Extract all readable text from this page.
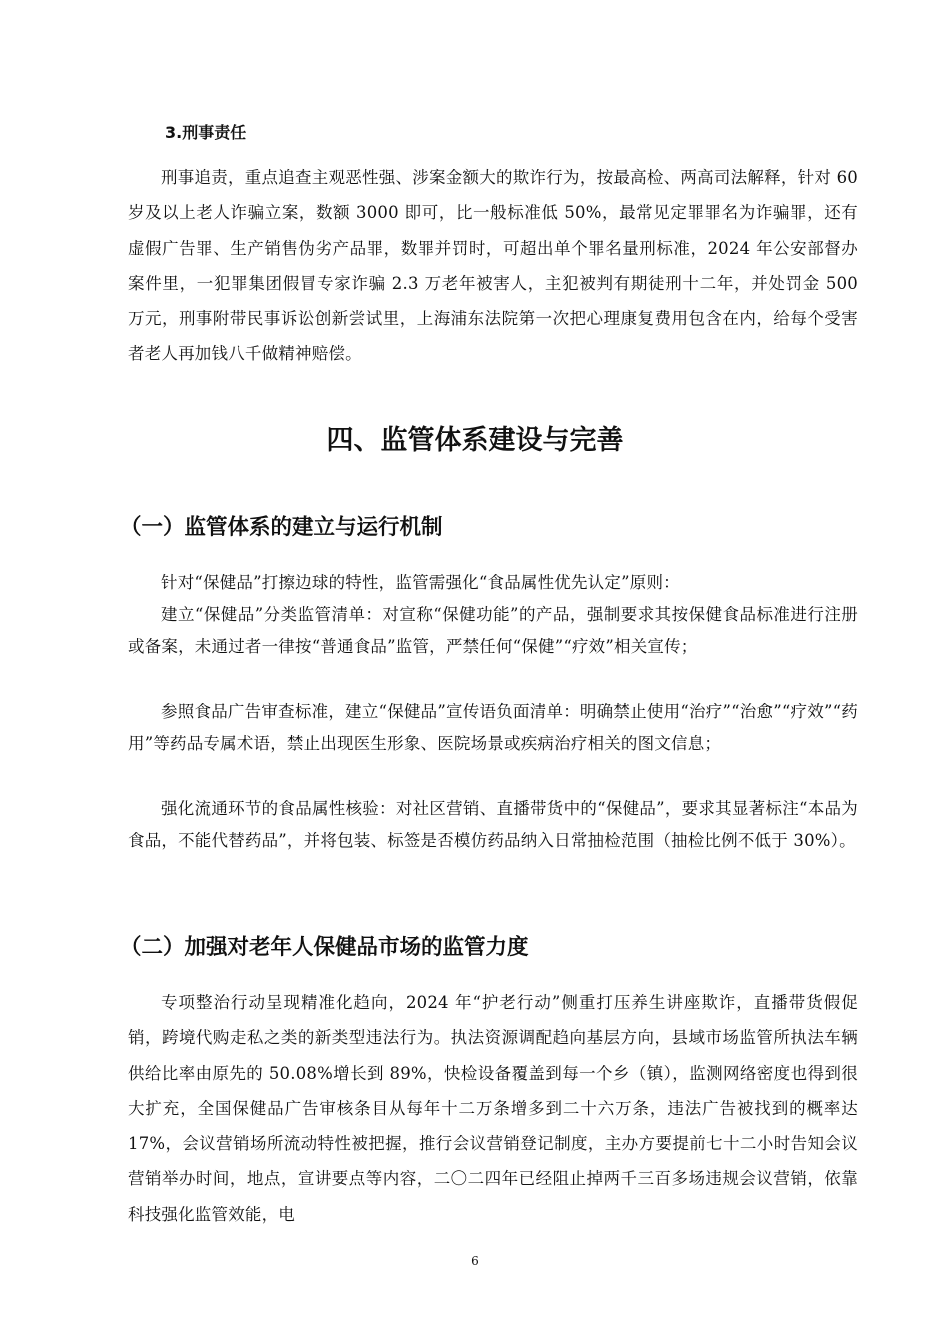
3.刑事责任

刑事追责，重点追查主观恶性强、涉案金额大的欺诈行为，按最高检、两高司法解释，针对 60 岁及以上老人诈骗立案，数额 3000 即可，比一般标准低 50%，最常见定罪罪名为诈骗罪，还有虚假广告罪、生产销售伪劣产品罪，数罪并罚时，可超出单个罪名量刑标准，2024 年公安部督办案件里，一犯罪集团假冒专家诈骗 2.3 万老年被害人，主犯被判有期徒刑十二年，并处罚金 500 万元，刑事附带民事诉讼创新尝试里，上海浦东法院第一次把心理康复费用包含在内，给每个受害者老人再加钱八千做精神赔偿。

四、监管体系建设与完善
（一）监管体系的建立与运行机制

针对“保健品”打擦边球的特性，监管需强化“食品属性优先认定”原则：

建立“保健品”分类监管清单：对宣称“保健功能”的产品，强制要求其按保健食品标准进行注册或备案，未通过者一律按“普通食品”监管，严禁任何“保健”“疗效”相关宣传；

参照食品广告审查标准，建立“保健品”宣传语负面清单：明确禁止使用“治疗”“治愈”“疗效”“药用”等药品专属术语，禁止出现医生形象、医院场景或疾病治疗相关的图文信息；

强化流通环节的食品属性核验：对社区营销、直播带货中的“保健品”，要求其显著标注“本品为食品，不能代替药品”，并将包装、标签是否模仿药品纳入日常抽检范围（抽检比例不低于 30%）。

（二）加强对老年人保健品市场的监管力度

专项整治行动呈现精准化趋向，2024 年“护老行动”侧重打压养生讲座欺诈，直播带货假促销，跨境代购走私之类的新类型违法行为。执法资源调配趋向基层方向，县域市场监管所执法车辆供给比率由原先的 50.08%增长到 89%，快检设备覆盖到每一个乡（镇），监测网络密度也得到很大扩充，全国保健品广告审核条目从每年十二万条增多到二十六万条，违法广告被找到的概率达 17%，会议营销场所流动特性被把握，推行会议营销登记制度，主办方要提前七十二小时告知会议营销举办时间，地点，宣讲要点等内容，二〇二四年已经阻止掉两千三百多场违规会议营销，依靠科技强化监管效能，电

6
